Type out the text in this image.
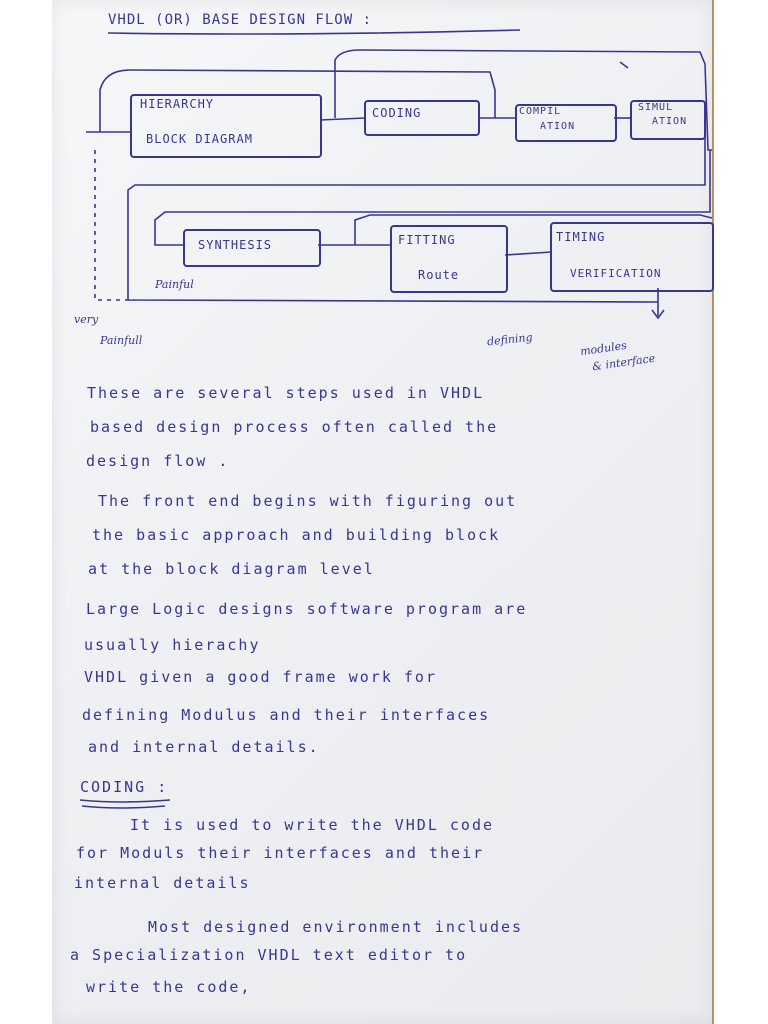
VHDL (OR) BASE DESIGN FLOW :
HIERARCHY
BLOCK DIAGRAM
CODING	COMPIL
ATION
SIMUL
ATION
SYNTHESIS	FITTING
Route
TIMING
VERIFICATION
Painful
very
Painfull	defining	modules
& interface
These are several steps used in VHDL
based design process often called the
design flow .
The front end begins with figuring out
the basic approach and building block
at the block diagram level
Large Logic designs software program are
usually hierachy
VHDL given a good frame work for
defining Modulus and their interfaces
and internal details.
CODING :
It is used to write the VHDL code
for Moduls their interfaces and their
internal details
Most designed environment includes
a Specialization VHDL text editor to
write the code,
